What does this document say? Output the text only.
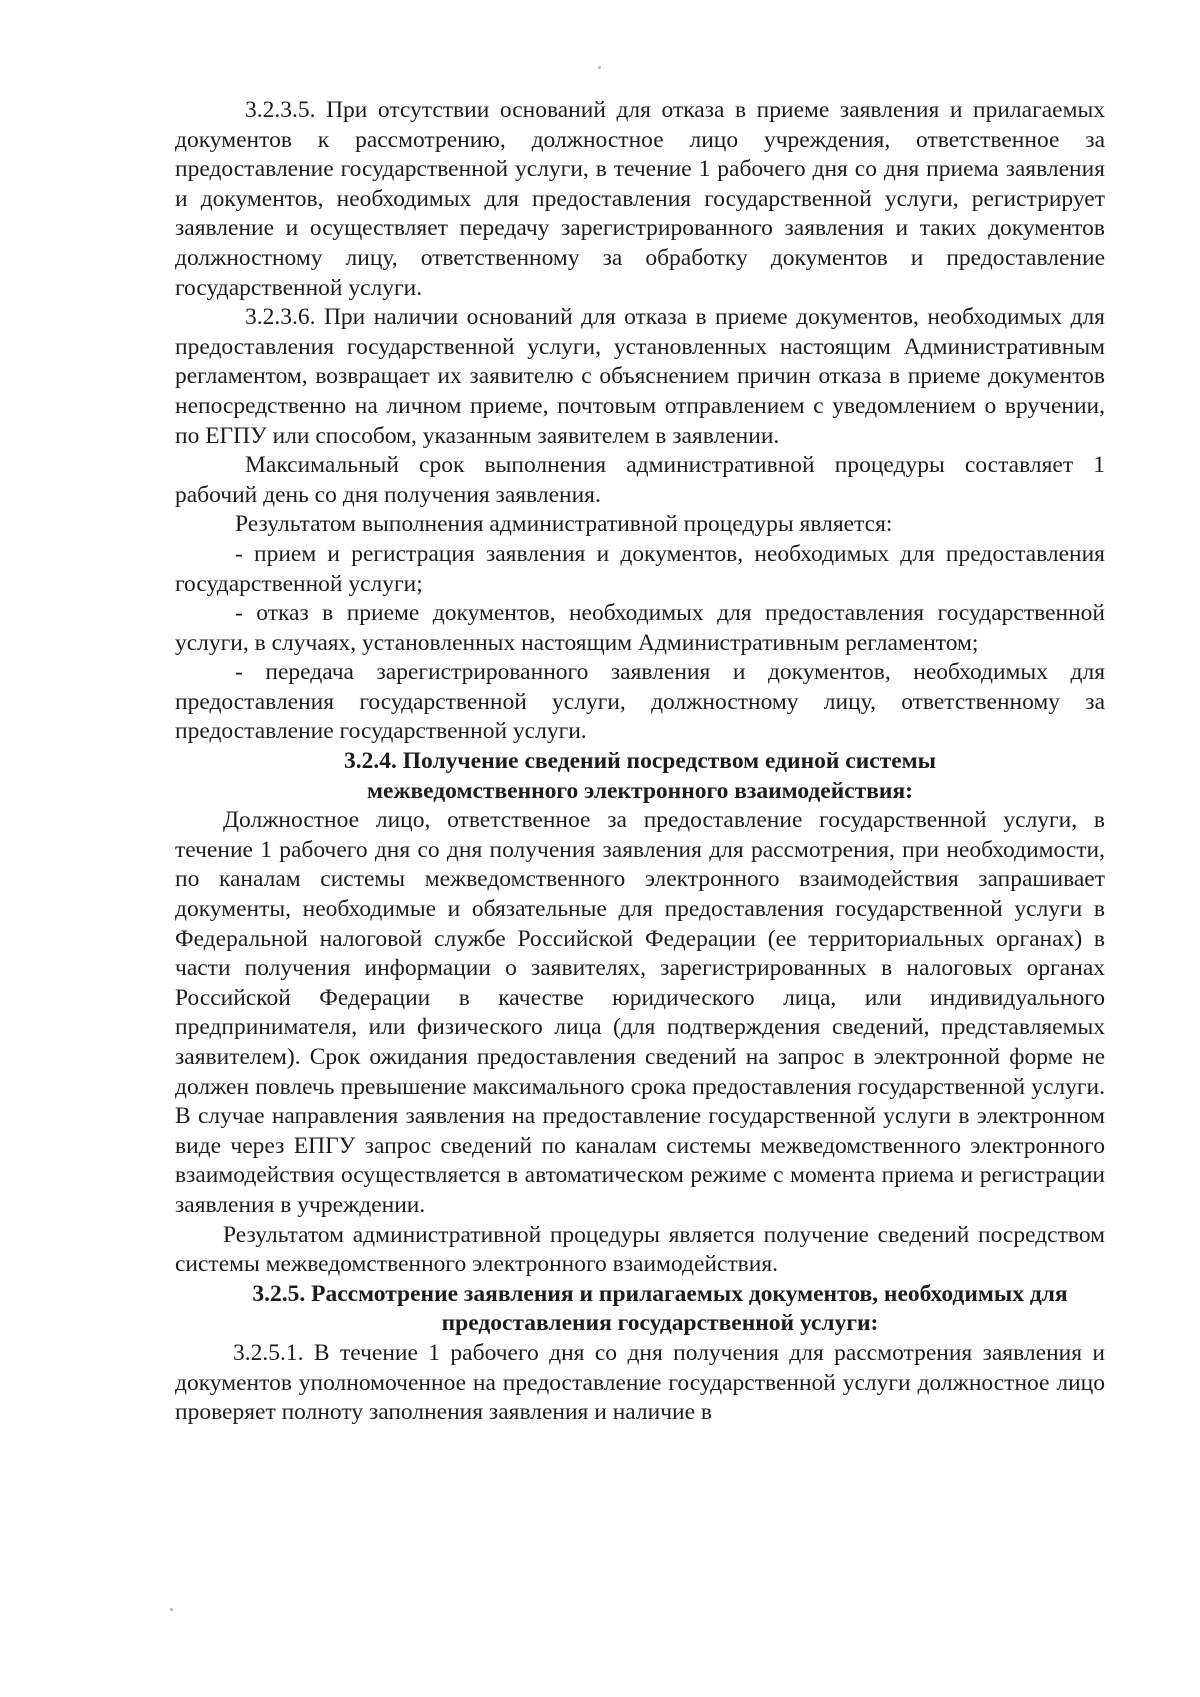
3.2.3.5. При отсутствии оснований для отказа в приеме заявления и прилагаемых документов к рассмотрению, должностное лицо учреждения, ответственное за предоставление государственной услуги, в течение 1 рабочего дня со дня приема заявления и документов, необходимых для предоставления государственной услуги, регистрирует заявление и осуществляет передачу зарегистрированного заявления и таких документов должностному лицу, ответственному за обработку документов и предоставление государственной услуги.

3.2.3.6. При наличии оснований для отказа в приеме документов, необходимых для предоставления государственной услуги, установленных настоящим Административным регламентом, возвращает их заявителю с объяснением причин отказа в приеме документов непосредственно на личном приеме, почтовым отправлением с уведомлением о вручении, по ЕГПУ или способом, указанным заявителем в заявлении.

Максимальный срок выполнения административной процедуры составляет 1 рабочий день со дня получения заявления.

Результатом выполнения административной процедуры является:

- прием и регистрация заявления и документов, необходимых для предоставления государственной услуги;

- отказ в приеме документов, необходимых для предоставления государственной услуги, в случаях, установленных настоящим Административным регламентом;

- передача зарегистрированного заявления и документов, необходимых для предоставления государственной услуги, должностному лицу, ответственному за предоставление государственной услуги.

3.2.4. Получение сведений посредством единой системы межведомственного электронного взаимодействия:

Должностное лицо, ответственное за предоставление государственной услуги, в течение 1 рабочего дня со дня получения заявления для рассмотрения, при необходимости, по каналам системы межведомственного электронного взаимодействия запрашивает документы, необходимые и обязательные для предоставления государственной услуги в Федеральной налоговой службе Российской Федерации (ее территориальных органах) в части получения информации о заявителях, зарегистрированных в налоговых органах Российской Федерации в качестве юридического лица, или индивидуального предпринимателя, или физического лица (для подтверждения сведений, представляемых заявителем). Срок ожидания предоставления сведений на запрос в электронной форме не должен повлечь превышение максимального срока предоставления государственной услуги. В случае направления заявления на предоставление государственной услуги в электронном виде через ЕПГУ запрос сведений по каналам системы межведомственного электронного взаимодействия осуществляется в автоматическом режиме с момента приема и регистрации заявления в учреждении.

Результатом административной процедуры является получение сведений посредством системы межведомственного электронного взаимодействия.

3.2.5. Рассмотрение заявления и прилагаемых документов, необходимых для предоставления государственной услуги:

3.2.5.1. В течение 1 рабочего дня со дня получения для рассмотрения заявления и документов уполномоченное на предоставление государственной услуги должностное лицо проверяет полноту заполнения заявления и наличие в
